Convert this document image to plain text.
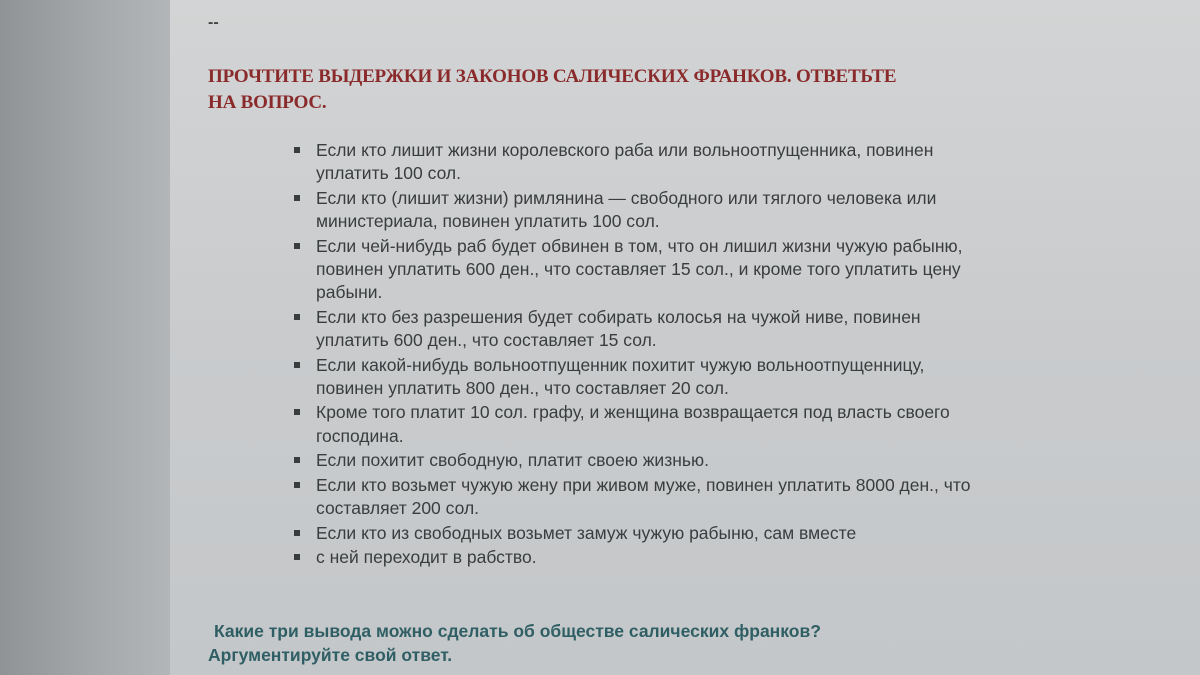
--

ПРОЧТИТЕ ВЫДЕРЖКИ И ЗАКОНОВ САЛИЧЕСКИХ ФРАНКОВ. ОТВЕТЬТЕ НА ВОПРОС.
Если кто лишит жизни королевского раба или вольноотпущенника, повинен уплатить 100 сол.
Если кто (лишит жизни) римлянина — свободного или тяглого человека или министериала, повинен уплатить 100 сол.
Если чей-нибудь раб будет обвинен в том, что он лишил жизни чужую рабыню, повинен уплатить 600 ден., что составляет 15 сол., и кроме того уплатить цену рабыни.
Если кто без разрешения будет собирать колосья на чужой ниве, повинен уплатить 600 ден., что составляет 15 сол.
Если какой-нибудь вольноотпущенник похитит чужую вольноотпущенницу, повинен уплатить 800 ден., что составляет 20 сол.
Кроме того платит 10 сол. графу, и женщина возвращается под власть своего господина.
Если похитит свободную, платит своею жизнью.
Если кто возьмет чужую жену при живом муже, повинен уплатить 8000 ден., что составляет 200 сол.
Если кто из свободных возьмет замуж чужую рабыню, сам вместе
с ней переходит в рабство.

Какие три вывода можно сделать об обществе салических франков?
Аргументируйте свой ответ.
